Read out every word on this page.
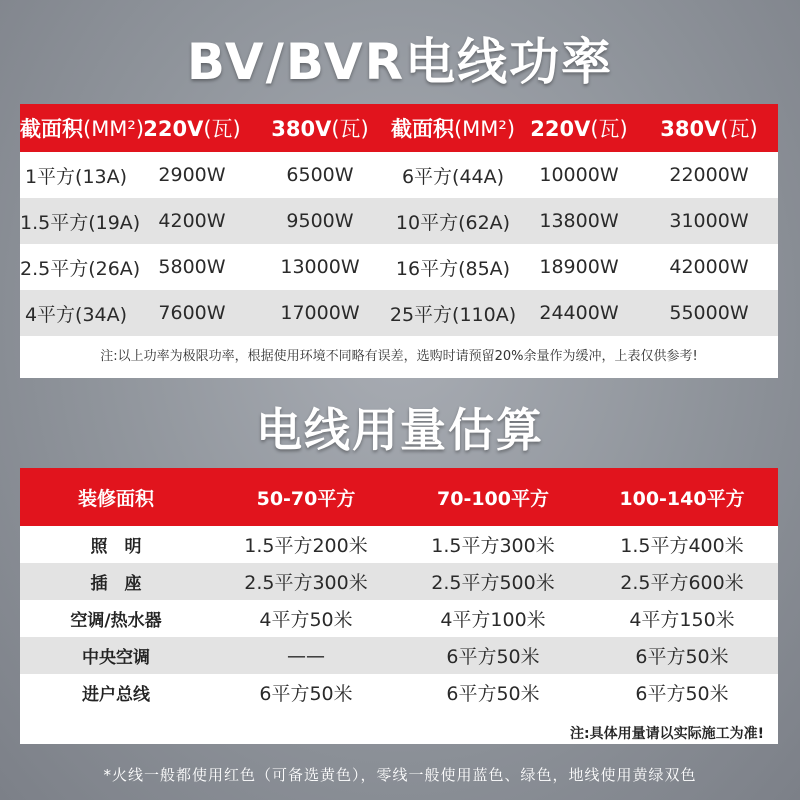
BV/BVR电线功率
截面积(MM²) 220V(瓦)	380V(瓦)	截面积(MM²) 220V(瓦)	380V(瓦)
1平方(13A)	2900W	6500W	6平方(44A)	10000W	22000W
1.5平方(19A) 4200W	9500W	10平方(62A)	13800W	31000W
2.5平方(26A) 5800W	13000W	16平方(85A)	18900W	42000W
4平方(34A)	7600W	17000W	25平方(110A)	24400W	55000W
注:以上功率为极限功率，根据使用环境不同略有误差，选购时请预留20%余量作为缓冲，上表仅供参考!
电线用量估算
装修面积	50-70平方	70-100平方	100-140平方
照　明	1.5平方200米	1.5平方300米	1.5平方400米
插　座	2.5平方300米	2.5平方500米	2.5平方600米
空调/热水器	4平方50米	4平方100米	4平方150米
中央空调	——	6平方50米	6平方50米
进户总线	6平方50米	6平方50米	6平方50米
注:具体用量请以实际施工为准!
*火线一般都使用红色（可备选黄色），零线一般使用蓝色、绿色，地线使用黄绿双色
